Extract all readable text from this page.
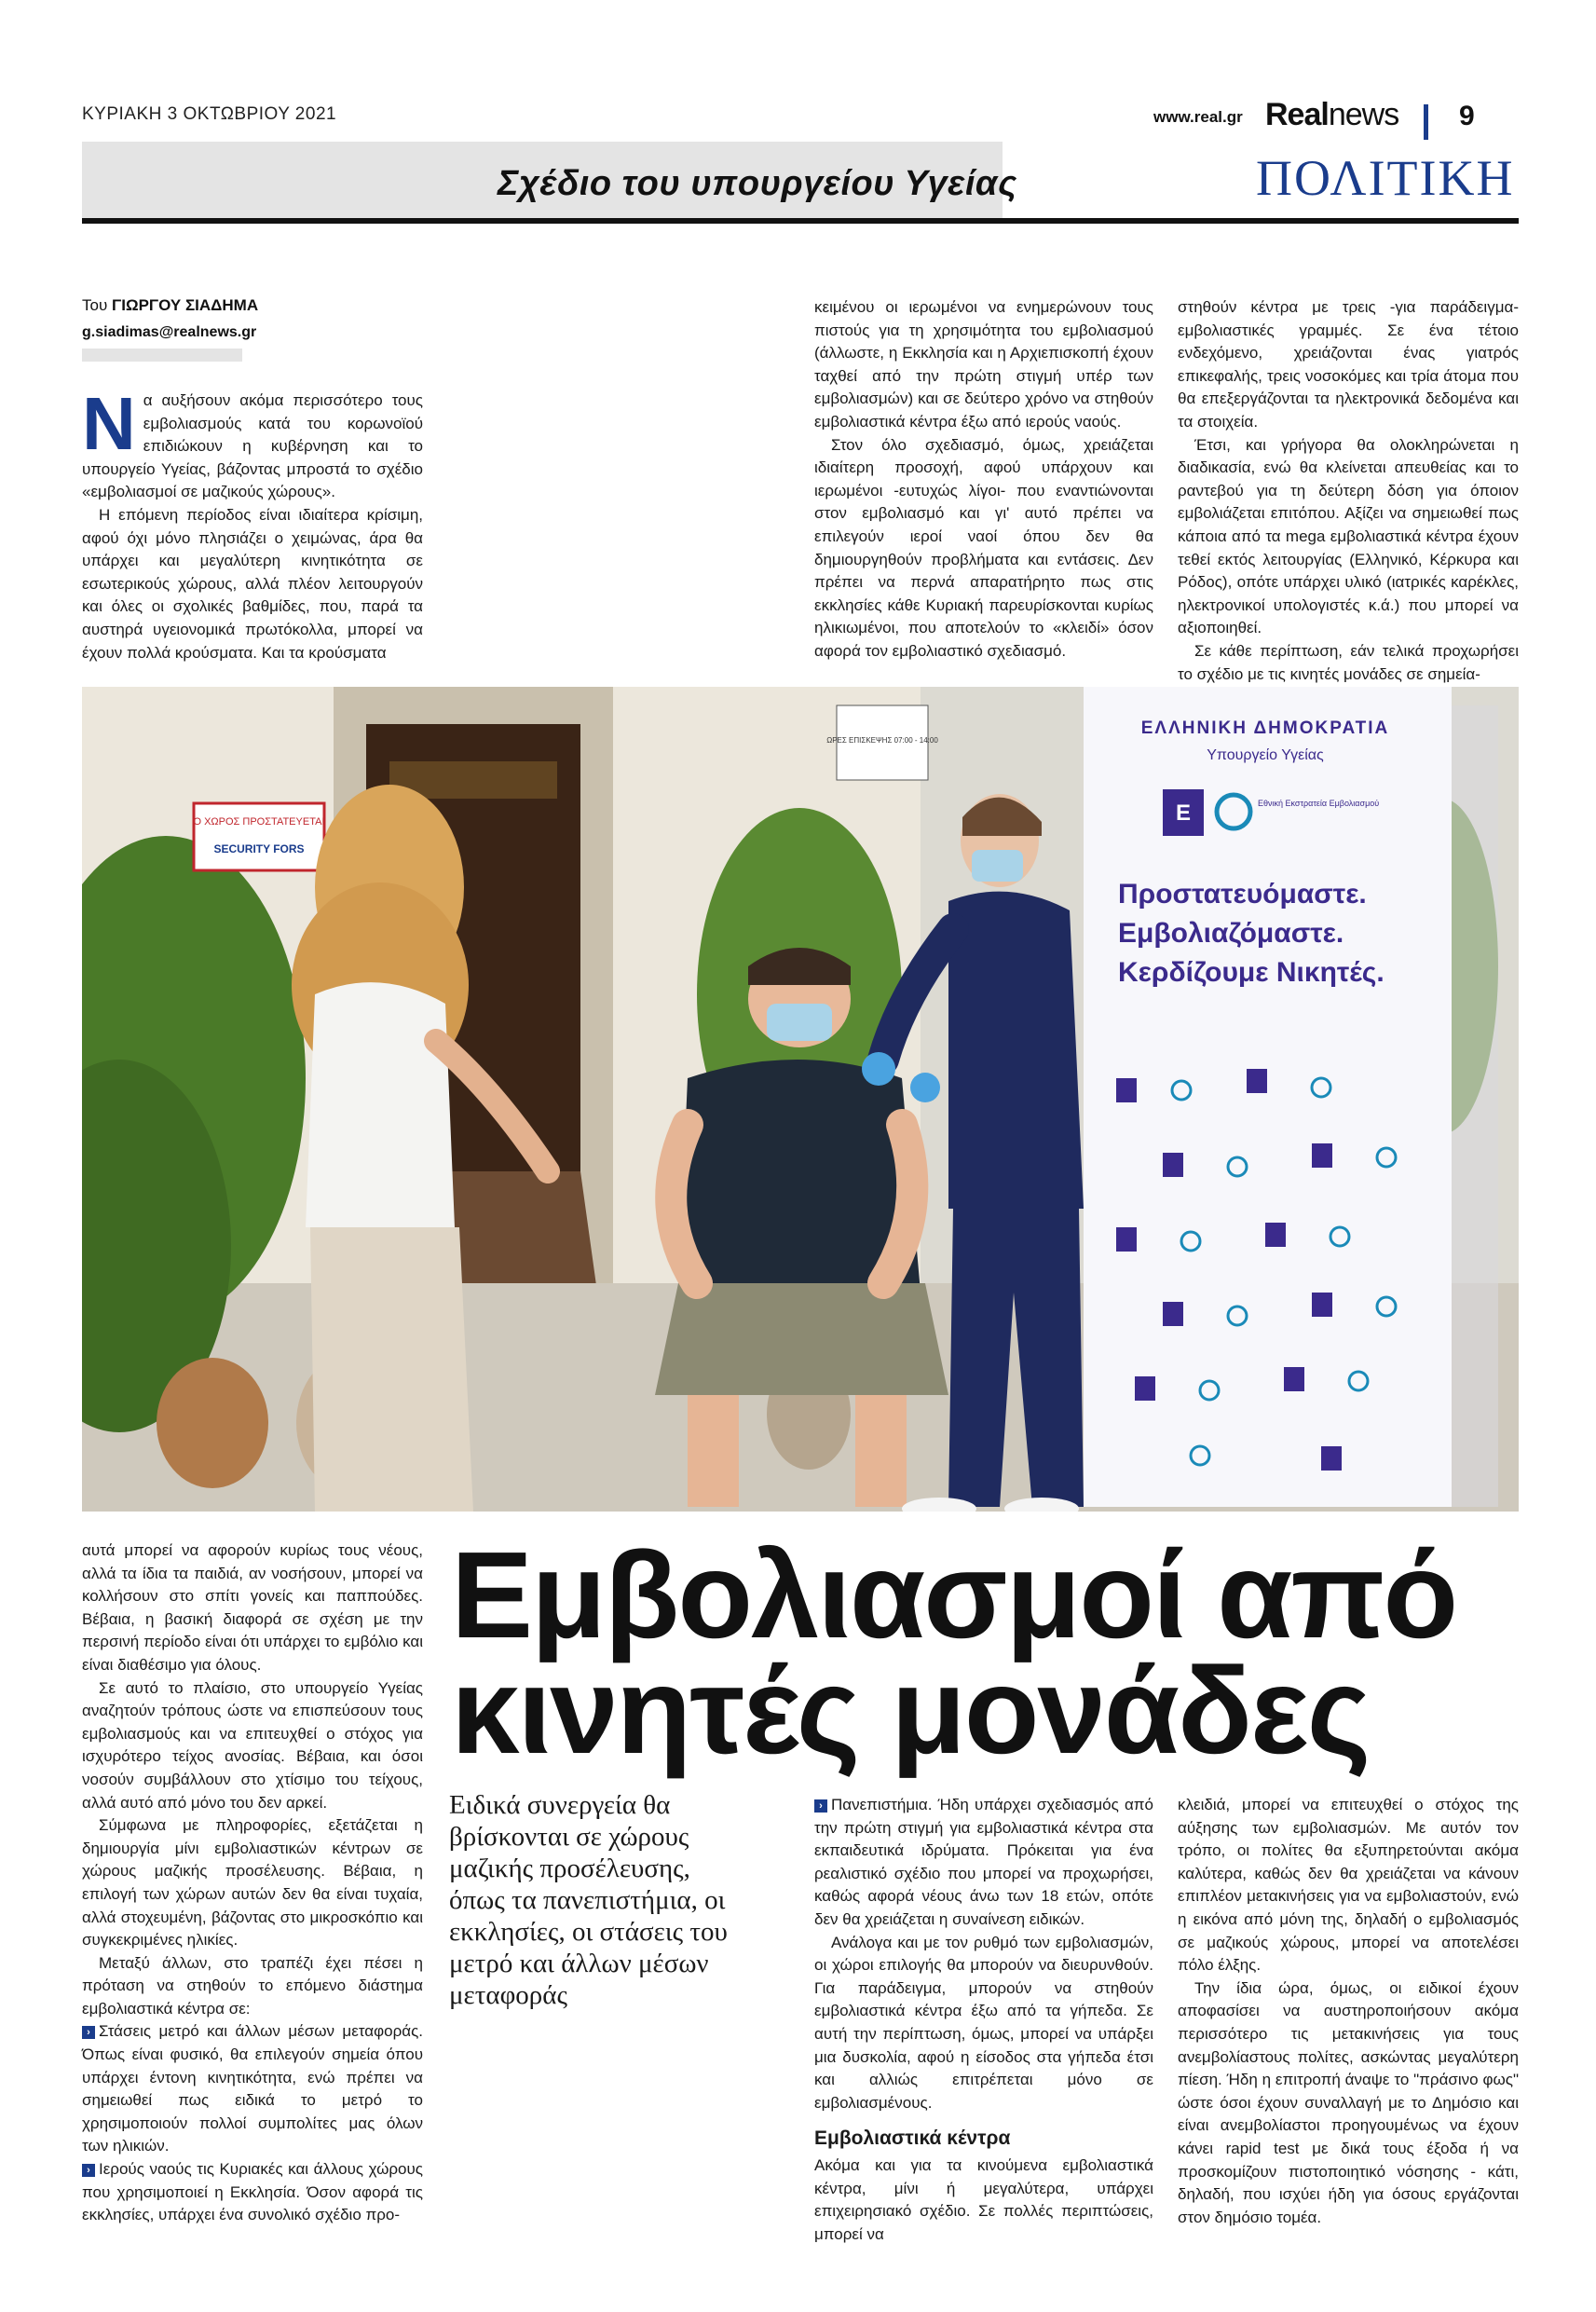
ΚΥΡΙΑΚΗ 3 ΟΚΤΩΒΡΙΟΥ 2021	www.real.gr Realnews 9
Σχέδιο του υπουργείου Υγείας	ΠΟΛΙΤΙΚΗ
Του ΓΙΩΡΓΟΥ ΣΙΑΔΗΜΑ
g.siadimas@realnews.gr
Ν α αυξήσουν ακόμα περισσότερο τους εμβολιασμούς κατά του κορωνοϊού επιδιώκουν η κυβέρνηση και το υπουργείο Υγείας, βάζοντας μπροστά το σχέδιο «εμβολιασμοί σε μαζικούς χώρους».

Η επόμενη περίοδος είναι ιδιαίτερα κρίσιμη, αφού όχι μόνο πλησιάζει ο χειμώνας, άρα θα υπάρχει και μεγαλύτερη κινητικότητα σε εσωτερικούς χώρους, αλλά πλέον λειτουργούν και όλες οι σχολικές βαθμίδες, που, παρά τα αυστηρά υγειονομικά πρωτόκολλα, μπορεί να έχουν πολλά κρούσματα. Και τα κρούσματα

κειμένου οι ιερωμένοι να ενημερώνουν τους πιστούς για τη χρησιμότητα του εμβολιασμού (άλλωστε, η Εκκλησία και η Αρχιεπισκοπή έχουν ταχθεί από την πρώτη στιγμή υπέρ των εμβολιασμών) και σε δεύτερο χρόνο να στηθούν εμβολιαστικά κέντρα έξω από ιερούς ναούς.

Στον όλο σχεδιασμό, όμως, χρειάζεται ιδιαίτερη προσοχή, αφού υπάρχουν και ιερωμένοι -ευτυχώς λίγοι- που εναντιώνονται στον εμβολιασμό και γι' αυτό πρέπει να επιλεγούν ιεροί ναοί όπου δεν θα δημιουργηθούν προβλήματα και εντάσεις. Δεν πρέπει να περνά απαρατήρητο πως στις εκκλησίες κάθε Κυριακή παρευρίσκονται κυρίως ηλικιωμένοι, που αποτελούν το «κλειδί» όσον αφορά τον εμβολιαστικό σχεδιασμό.

στηθούν κέντρα με τρεις -για παράδειγμα- εμβολιαστικές γραμμές. Σε ένα τέτοιο ενδεχόμενο, χρειάζονται ένας γιατρός επικεφαλής, τρεις νοσοκόμες και τρία άτομα που θα επεξεργάζονται τα ηλεκτρονικά δεδομένα και τα στοιχεία.

Έτσι, και γρήγορα θα ολοκληρώνεται η διαδικασία, ενώ θα κλείνεται απευθείας και το ραντεβού για τη δεύτερη δόση για όποιον εμβολιάζεται επιτόπου. Αξίζει να σημειωθεί πως κάποια από τα mega εμβολιαστικά κέντρα έχουν τεθεί εκτός λειτουργίας (Ελληνικό, Κέρκυρα και Ρόδος), οπότε υπάρχει υλικό (ιατρικές καρέκλες, ηλεκτρονικοί υπολογιστές κ.ά.) που μπορεί να αξιοποιηθεί.

Σε κάθε περίπτωση, εάν τελικά προχωρήσει το σχέδιο με τις κινητές μονάδες σε σημεία-

Ο ΧΩΡΟΣ ΠΡΟΣΤΑΤΕΥΕΤΑΙ
SECURITY FORS
ΩΡΕΣ ΕΠΙΣΚΕΨΗΣ 07:00 - 14:00
ΕΛΛΗΝΙΚΗ ΔΗΜΟΚΡΑΤΙΑ
Υπουργείο Υγείας
Ε	Εθνική Εκστρατεία Εμβολιασμού
Προστατευόμαστε.
Εμβολιαζόμαστε.
Κερδίζουμε Νικητές.
Εμβολιασμοί από
κινητές μονάδες

αυτά μπορεί να αφορούν κυρίως τους νέους, αλλά τα ίδια τα παιδιά, αν νοσήσουν, μπορεί να κολλήσουν στο σπίτι γονείς και παππούδες. Βέβαια, η βασική διαφορά σε σχέση με την περσινή περίοδο είναι ότι υπάρχει το εμβόλιο και είναι διαθέσιμο για όλους.

Σε αυτό το πλαίσιο, στο υπουργείο Υγείας αναζητούν τρόπους ώστε να επισπεύσουν τους εμβολιασμούς και να επιτευχθεί ο στόχος για ισχυρότερο τείχος ανοσίας. Βέβαια, και όσοι νοσούν συμβάλλουν στο χτίσιμο του τείχους, αλλά αυτό από μόνο του δεν αρκεί.

Σύμφωνα με πληροφορίες, εξετάζεται η δημιουργία μίνι εμβολιαστικών κέντρων σε χώρους μαζικής προσέλευσης. Βέβαια, η επιλογή των χώρων αυτών δεν θα είναι τυχαία, αλλά στοχευμένη, βάζοντας στο μικροσκόπιο και συγκεκριμένες ηλικίες.

Μεταξύ άλλων, στο τραπέζι έχει πέσει η πρόταση να στηθούν το επόμενο διάστημα εμβολιαστικά κέντρα σε:

› Στάσεις μετρό και άλλων μέσων μεταφοράς. Όπως είναι φυσικό, θα επιλεγούν σημεία όπου υπάρχει έντονη κινητικότητα, ενώ πρέπει να σημειωθεί πως ειδικά το μετρό το χρησιμοποιούν πολλοί συμπολίτες μας όλων των ηλικιών.

› Ιερούς ναούς τις Κυριακές και άλλους χώρους που χρησιμοποιεί η Εκκλησία. Όσον αφορά τις εκκλησίες, υπάρχει ένα συνολικό σχέδιο προ-

Ειδικά συνεργεία θα βρίσκονται σε χώρους μαζικής προσέλευσης, όπως τα πανεπιστήμια, οι εκκλησίες, οι στάσεις του μετρό και άλλων μέσων μεταφοράς

› Πανεπιστήμια. Ήδη υπάρχει σχεδιασμός από την πρώτη στιγμή για εμβολιαστικά κέντρα στα εκπαιδευτικά ιδρύματα. Πρόκειται για ένα ρεαλιστικό σχέδιο που μπορεί να προχωρήσει, καθώς αφορά νέους άνω των 18 ετών, οπότε δεν θα χρειάζεται η συναίνεση ειδικών.

Ανάλογα και με τον ρυθμό των εμβολιασμών, οι χώροι επιλογής θα μπορούν να διευρυνθούν. Για παράδειγμα, μπορούν να στηθούν εμβολιαστικά κέντρα έξω από τα γήπεδα. Σε αυτή την περίπτωση, όμως, μπορεί να υπάρξει μια δυσκολία, αφού η είσοδος στα γήπεδα έτσι και αλλιώς επιτρέπεται μόνο σε εμβολιασμένους.

Εμβολιαστικά κέντρα

Ακόμα και για τα κινούμενα εμβολιαστικά κέντρα, μίνι ή μεγαλύτερα, υπάρχει επιχειρησιακό σχέδιο. Σε πολλές περιπτώσεις, μπορεί να

κλειδιά, μπορεί να επιτευχθεί ο στόχος της αύξησης των εμβολιασμών. Με αυτόν τον τρόπο, οι πολίτες θα εξυπηρετούνται ακόμα καλύτερα, καθώς δεν θα χρειάζεται να κάνουν επιπλέον μετακινήσεις για να εμβολιαστούν, ενώ η εικόνα από μόνη της, δηλαδή ο εμβολιασμός σε μαζικούς χώρους, μπορεί να αποτελέσει πόλο έλξης.

Την ίδια ώρα, όμως, οι ειδικοί έχουν αποφασίσει να αυστηροποιήσουν ακόμα περισσότερο τις μετακινήσεις για τους ανεμβολίαστους πολίτες, ασκώντας μεγαλύτερη πίεση. Ήδη η επιτροπή άναψε το "πράσινο φως" ώστε όσοι έχουν συναλλαγή με το Δημόσιο και είναι ανεμβολίαστοι προηγουμένως να έχουν κάνει rapid test με δικά τους έξοδα ή να προσκομίζουν πιστοποιητικό νόσησης - κάτι, δηλαδή, που ισχύει ήδη για όσους εργάζονται στον δημόσιο τομέα.
